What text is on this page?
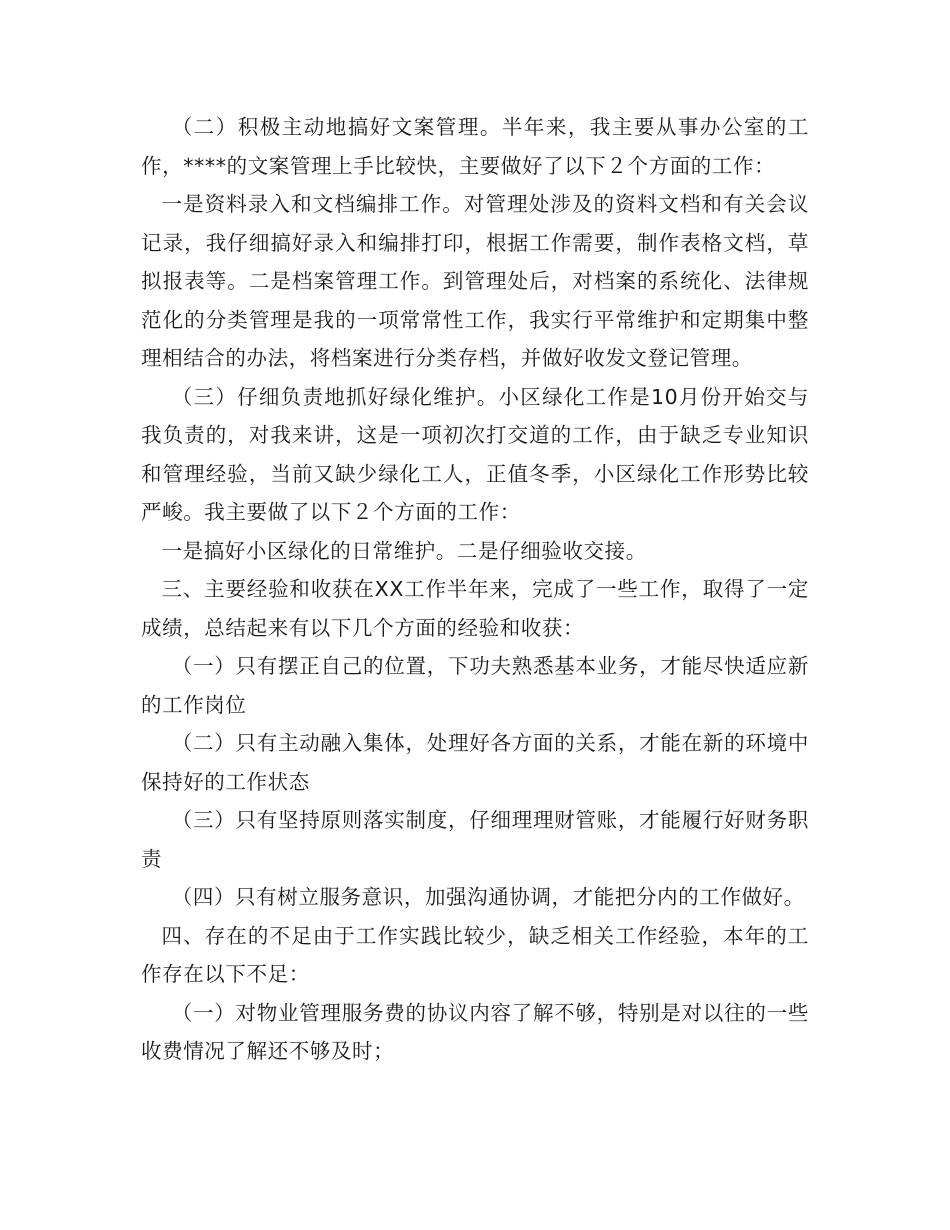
（二）积极主动地搞好文案管理。半年来，我主要从事办公室的工作，****的文案管理上手比较快，主要做好了以下２个方面的工作：

一是资料录入和文档编排工作。对管理处涉及的资料文档和有关会议记录，我仔细搞好录入和编排打印，根据工作需要，制作表格文档，草拟报表等。二是档案管理工作。到管理处后，对档案的系统化、法律规范化的分类管理是我的一项常常性工作，我实行平常维护和定期集中整理相结合的办法，将档案进行分类存档，并做好收发文登记管理。

（三）仔细负责地抓好绿化维护。小区绿化工作是10月份开始交与我负责的，对我来讲，这是一项初次打交道的工作，由于缺乏专业知识和管理经验，当前又缺少绿化工人，正值冬季，小区绿化工作形势比较严峻。我主要做了以下２个方面的工作：

一是搞好小区绿化的日常维护。二是仔细验收交接。

三、主要经验和收获在XX工作半年来，完成了一些工作，取得了一定成绩，总结起来有以下几个方面的经验和收获：

（一）只有摆正自己的位置，下功夫熟悉基本业务，才能尽快适应新的工作岗位

（二）只有主动融入集体，处理好各方面的关系，才能在新的环境中保持好的工作状态

（三）只有坚持原则落实制度，仔细理理财管账，才能履行好财务职责

（四）只有树立服务意识，加强沟通协调，才能把分内的工作做好。

四、存在的不足由于工作实践比较少，缺乏相关工作经验，本年的工作存在以下不足：

（一）对物业管理服务费的协议内容了解不够，特别是对以往的一些收费情况了解还不够及时；
